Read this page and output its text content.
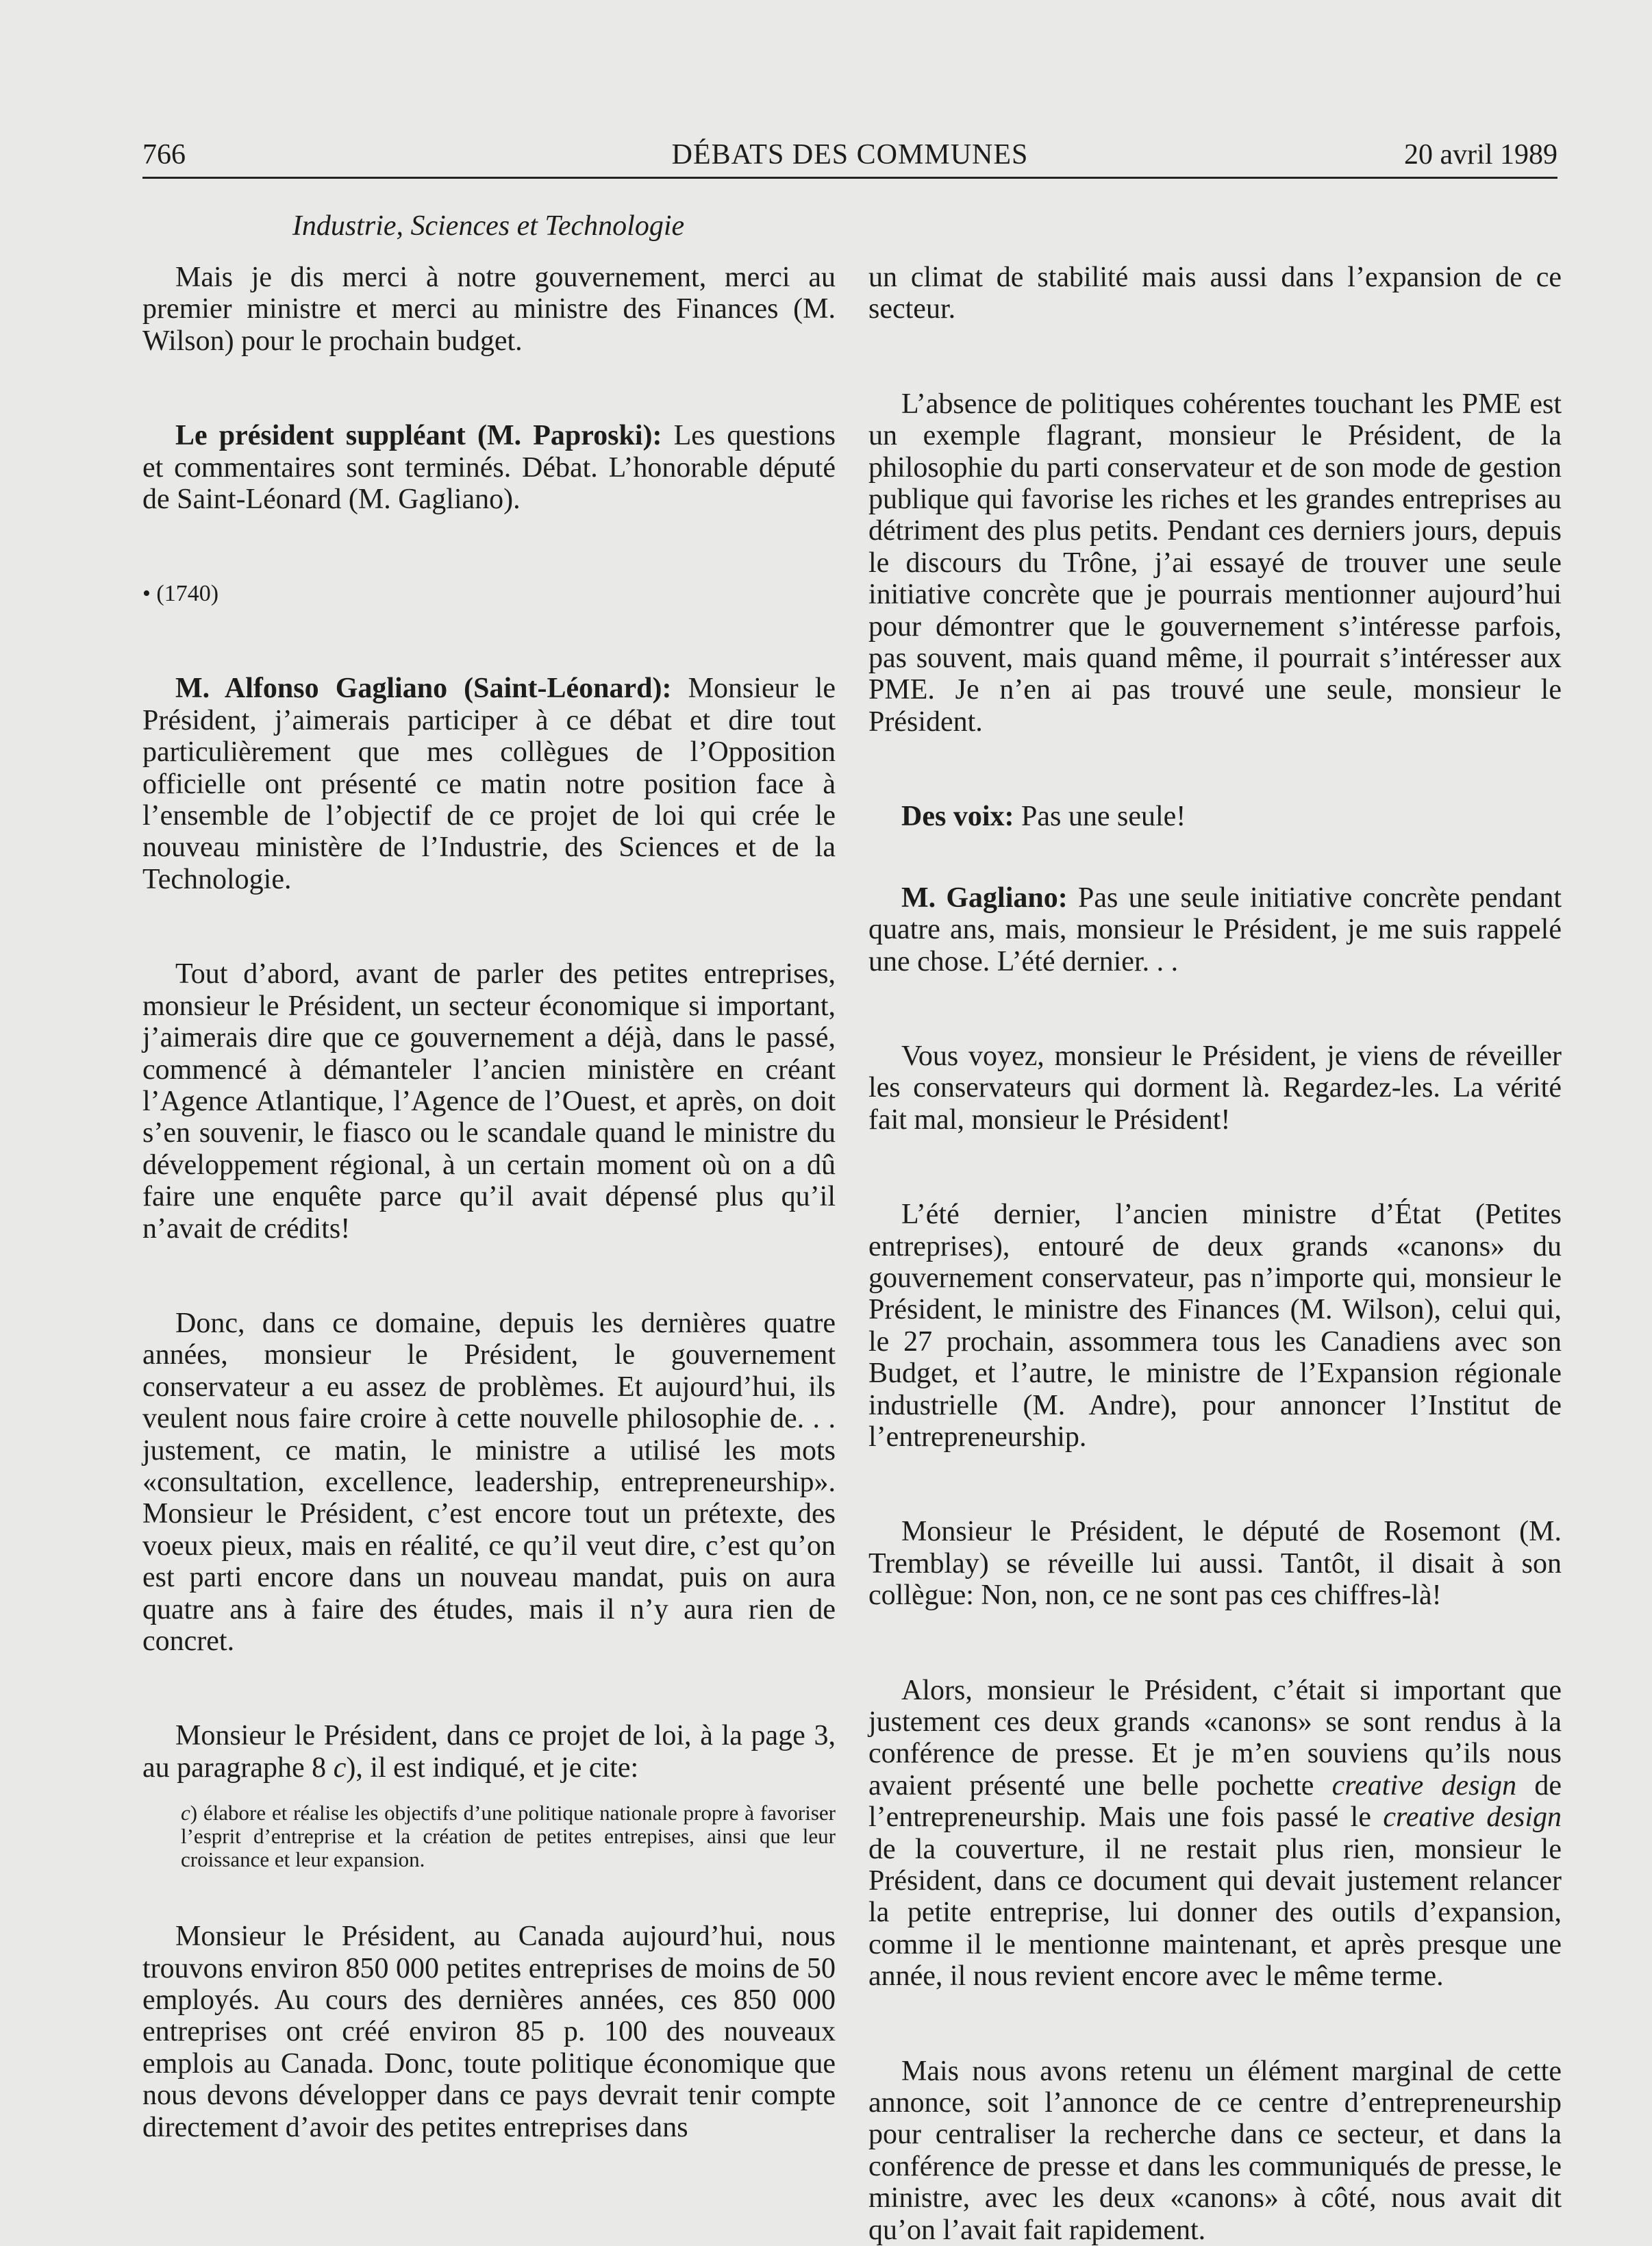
766	DÉBATS DES COMMUNES	20 avril 1989
Industrie, Sciences et Technologie

Mais je dis merci à notre gouvernement, merci au premier ministre et merci au ministre des Finances (M. Wilson) pour le prochain budget.

Le président suppléant (M. Paproski): Les questions et commentaires sont terminés. Débat. L’honorable député de Saint-Léonard (M. Gagliano).

• (1740)

M. Alfonso Gagliano (Saint-Léonard): Monsieur le Président, j’aimerais participer à ce débat et dire tout particulièrement que mes collègues de l’Opposition officielle ont présenté ce matin notre position face à l’ensemble de l’objectif de ce projet de loi qui crée le nouveau ministère de l’Industrie, des Sciences et de la Technologie.

Tout d’abord, avant de parler des petites entreprises, monsieur le Président, un secteur économique si important, j’aimerais dire que ce gouvernement a déjà, dans le passé, commencé à démanteler l’ancien ministère en créant l’Agence Atlantique, l’Agence de l’Ouest, et après, on doit s’en souvenir, le fiasco ou le scandale quand le ministre du développement régional, à un certain moment où on a dû faire une enquête parce qu’il avait dépensé plus qu’il n’avait de crédits!

Donc, dans ce domaine, depuis les dernières quatre années, monsieur le Président, le gouvernement conservateur a eu assez de problèmes. Et aujourd’hui, ils veulent nous faire croire à cette nouvelle philosophie de. . . justement, ce matin, le ministre a utilisé les mots «consultation, excellence, leadership, entrepreneurship». Monsieur le Président, c’est encore tout un prétexte, des voeux pieux, mais en réalité, ce qu’il veut dire, c’est qu’on est parti encore dans un nouveau mandat, puis on aura quatre ans à faire des études, mais il n’y aura rien de concret.

Monsieur le Président, dans ce projet de loi, à la page 3, au paragraphe 8 c), il est indiqué, et je cite:

c) élabore et réalise les objectifs d’une politique nationale propre à favoriser l’esprit d’entreprise et la création de petites entrepises, ainsi que leur croissance et leur expansion.

Monsieur le Président, au Canada aujourd’hui, nous trouvons environ 850 000 petites entreprises de moins de 50 employés. Au cours des dernières années, ces 850 000 entreprises ont créé environ 85 p. 100 des nouveaux emplois au Canada. Donc, toute politique économique que nous devons développer dans ce pays devrait tenir compte directement d’avoir des petites entreprises dans

un climat de stabilité mais aussi dans l’expansion de ce secteur.

L’absence de politiques cohérentes touchant les PME est un exemple flagrant, monsieur le Président, de la philosophie du parti conservateur et de son mode de gestion publique qui favorise les riches et les grandes entreprises au détriment des plus petits. Pendant ces derniers jours, depuis le discours du Trône, j’ai essayé de trouver une seule initiative concrète que je pourrais mentionner aujourd’hui pour démontrer que le gouvernement s’intéresse parfois, pas souvent, mais quand même, il pourrait s’intéresser aux PME. Je n’en ai pas trouvé une seule, monsieur le Président.

Des voix: Pas une seule!

M. Gagliano: Pas une seule initiative concrète pendant quatre ans, mais, monsieur le Président, je me suis rappelé une chose. L’été dernier. . .

Vous voyez, monsieur le Président, je viens de réveiller les conservateurs qui dorment là. Regardez-les. La vérité fait mal, monsieur le Président!

L’été dernier, l’ancien ministre d’État (Petites entreprises), entouré de deux grands «canons» du gouvernement conservateur, pas n’importe qui, monsieur le Président, le ministre des Finances (M. Wilson), celui qui, le 27 prochain, assommera tous les Canadiens avec son Budget, et l’autre, le ministre de l’Expansion régionale industrielle (M. Andre), pour annoncer l’Institut de l’entrepreneurship.

Monsieur le Président, le député de Rosemont (M. Tremblay) se réveille lui aussi. Tantôt, il disait à son collègue: Non, non, ce ne sont pas ces chiffres-là!

Alors, monsieur le Président, c’était si important que justement ces deux grands «canons» se sont rendus à la conférence de presse. Et je m’en souviens qu’ils nous avaient présenté une belle pochette creative design de l’entrepreneurship. Mais une fois passé le creative design de la couverture, il ne restait plus rien, monsieur le Président, dans ce document qui devait justement relancer la petite entreprise, lui donner des outils d’expansion, comme il le mentionne maintenant, et après presque une année, il nous revient encore avec le même terme.

Mais nous avons retenu un élément marginal de cette annonce, soit l’annonce de ce centre d’entrepreneurship pour centraliser la recherche dans ce secteur, et dans la conférence de presse et dans les communiqués de presse, le ministre, avec les deux «canons» à côté, nous avait dit qu’on l’avait fait rapidement.
